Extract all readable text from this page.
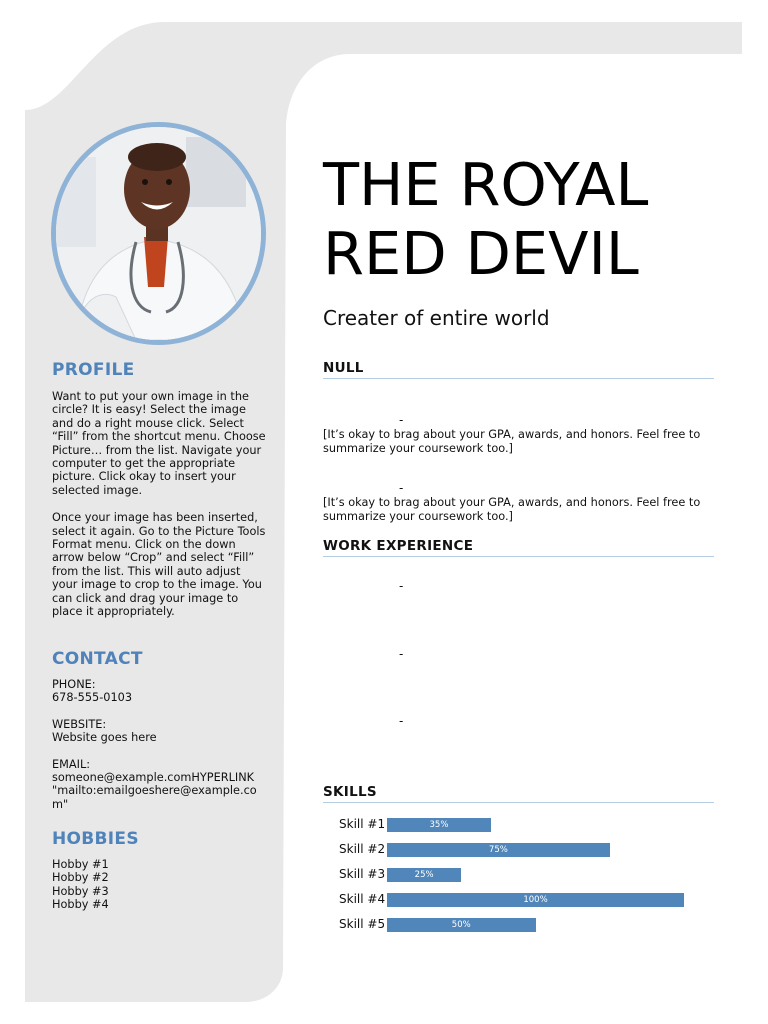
PROFILE

Want to put your own image in the circle? It is easy! Select the image and do a right mouse click. Select “Fill” from the shortcut menu. Choose Picture… from the list. Navigate your computer to get the appropriate picture. Click okay to insert your selected image.

Once your image has been inserted, select it again. Go to the Picture Tools Format menu. Click on the down arrow below “Crop” and select “Fill” from the list. This will auto adjust your image to crop to the image. You can click and drag your image to place it appropriately.

CONTACT

PHONE:

678-555-0103

WEBSITE:

Website goes here

EMAIL:

someone@example.comHYPERLINK "mailto:emailgoeshere@example.com"

HOBBIES

Hobby #1

Hobby #2

Hobby #3

Hobby #4

THE ROYAL RED DEVIL
Creater of entire world
NULL
-
[It’s okay to brag about your GPA, awards, and honors. Feel free to summarize your coursework too.]
-
[It’s okay to brag about your GPA, awards, and honors. Feel free to summarize your coursework too.]
WORK EXPERIENCE
-
-
-
SKILLS
Skill #1	35%
Skill #2	75%
Skill #3	25%
Skill #4	100%
Skill #5	50%
